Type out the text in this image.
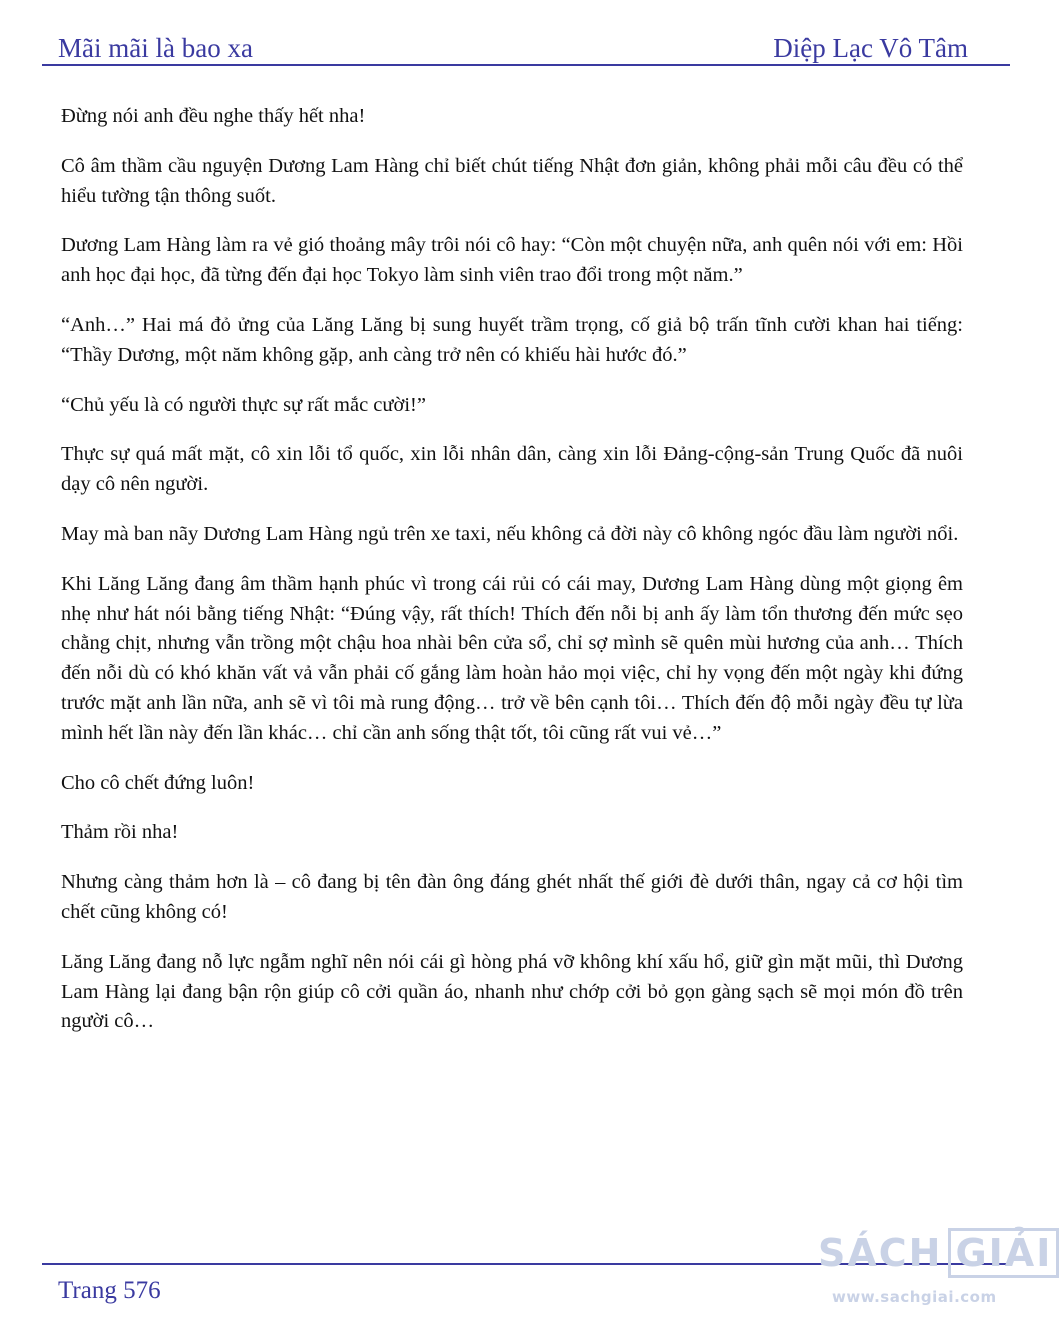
Mãi mãi là bao xa	Diệp Lạc Vô Tâm

Đừng nói anh đều nghe thấy hết nha!

Cô âm thầm cầu nguyện Dương Lam Hàng chỉ biết chút tiếng Nhật đơn giản, không phải mỗi câu đều có thể hiểu tường tận thông suốt.

Dương Lam Hàng làm ra vẻ gió thoảng mây trôi nói cô hay: “Còn một chuyện nữa, anh quên nói với em: Hồi anh học đại học, đã từng đến đại học Tokyo làm sinh viên trao đổi trong một năm.”

“Anh…” Hai má đỏ ửng của Lăng Lăng bị sung huyết trầm trọng, cố giả bộ trấn tĩnh cười khan hai tiếng: “Thầy Dương, một năm không gặp, anh càng trở nên có khiếu hài hước đó.”

“Chủ yếu là có người thực sự rất mắc cười!”

Thực sự quá mất mặt, cô xin lỗi tổ quốc, xin lỗi nhân dân, càng xin lỗi Đảng-cộng-sản Trung Quốc đã nuôi dạy cô nên người.

May mà ban nãy Dương Lam Hàng ngủ trên xe taxi, nếu không cả đời này cô không ngóc đầu làm người nổi.

Khi Lăng Lăng đang âm thầm hạnh phúc vì trong cái rủi có cái may, Dương Lam Hàng dùng một giọng êm nhẹ như hát nói bằng tiếng Nhật: “Đúng vậy, rất thích! Thích đến nỗi bị anh ấy làm tổn thương đến mức sẹo chằng chịt, nhưng vẫn trồng một chậu hoa nhài bên cửa sổ, chỉ sợ mình sẽ quên mùi hương của anh… Thích đến nỗi dù có khó khăn vất vả vẫn phải cố gắng làm hoàn hảo mọi việc, chỉ hy vọng đến một ngày khi đứng trước mặt anh lần nữa, anh sẽ vì tôi mà rung động… trở về bên cạnh tôi… Thích đến độ mỗi ngày đều tự lừa mình hết lần này đến lần khác… chỉ cần anh sống thật tốt, tôi cũng rất vui vẻ…”

Cho cô chết đứng luôn!

Thảm rồi nha!

Nhưng càng thảm hơn là – cô đang bị tên đàn ông đáng ghét nhất thế giới đè dưới thân, ngay cả cơ hội tìm chết cũng không có!

Lăng Lăng đang nỗ lực ngẫm nghĩ nên nói cái gì hòng phá vỡ không khí xấu hổ, giữ gìn mặt mũi, thì Dương Lam Hàng lại đang bận rộn giúp cô cởi quần áo, nhanh như chớp cởi bỏ gọn gàng sạch sẽ mọi món đồ trên người cô…

Trang 576
SÁCH GIẢI
www.sachgiai.com
